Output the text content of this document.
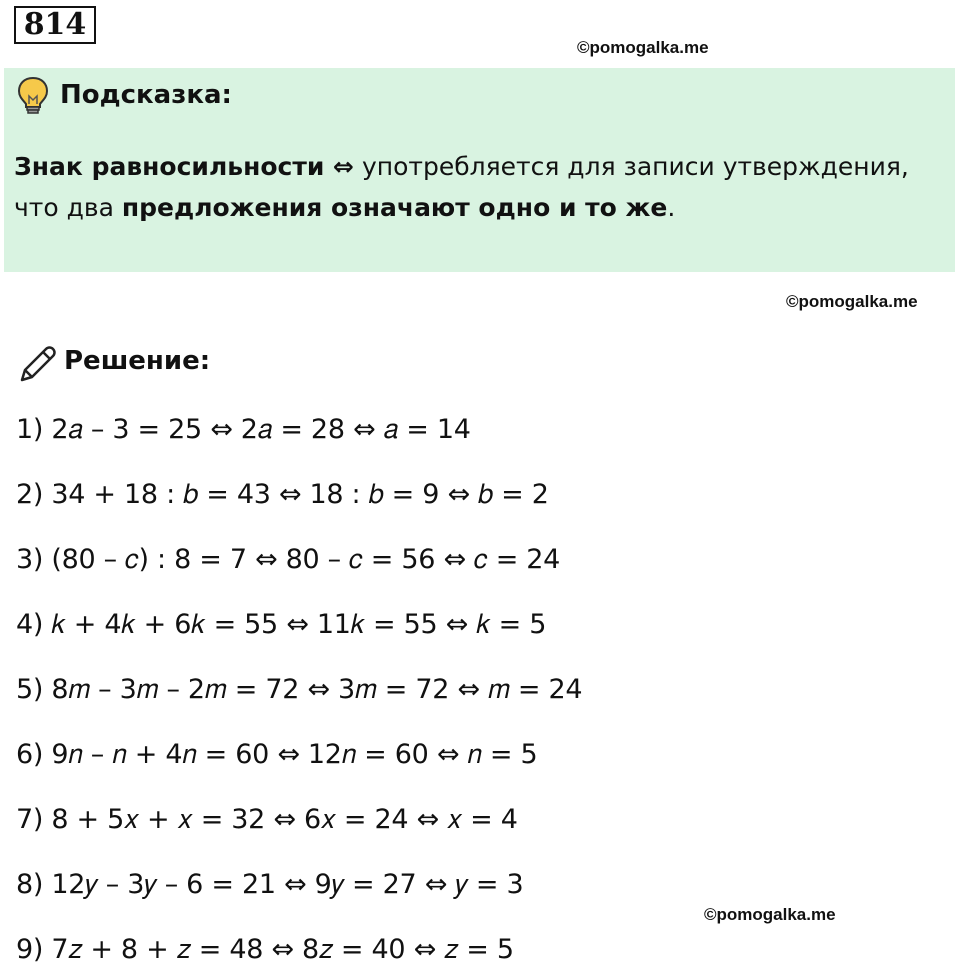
814
©pomogalka.me
Подсказка:
Знак равносильности ⇔ употребляется для записи утверждения, что два предложения означают одно и то же.
©pomogalka.me
Решение:
1) 2𝑎 – 3 = 25 ⇔ 2𝑎 = 28 ⇔ 𝑎 = 14
2) 34 + 18 : 𝑏 = 43 ⇔ 18 : 𝑏 = 9 ⇔ 𝑏 = 2
3) (80 – 𝑐) : 8 = 7 ⇔ 80 – 𝑐 = 56 ⇔ 𝑐 = 24
4) 𝑘 + 4𝑘 + 6𝑘 = 55 ⇔ 11𝑘 = 55 ⇔ 𝑘 = 5
5) 8𝑚 – 3𝑚 – 2𝑚 = 72 ⇔ 3𝑚 = 72 ⇔ 𝑚 = 24
6) 9𝑛 – 𝑛 + 4𝑛 = 60 ⇔ 12𝑛 = 60 ⇔ 𝑛 = 5
7) 8 + 5𝑥 + 𝑥 = 32 ⇔ 6𝑥 = 24 ⇔ 𝑥 = 4
8) 12𝑦 – 3𝑦 – 6 = 21 ⇔ 9𝑦 = 27 ⇔ 𝑦 = 3
9) 7𝑧 + 8 + 𝑧 = 48 ⇔ 8𝑧 = 40 ⇔ 𝑧 = 5
©pomogalka.me
